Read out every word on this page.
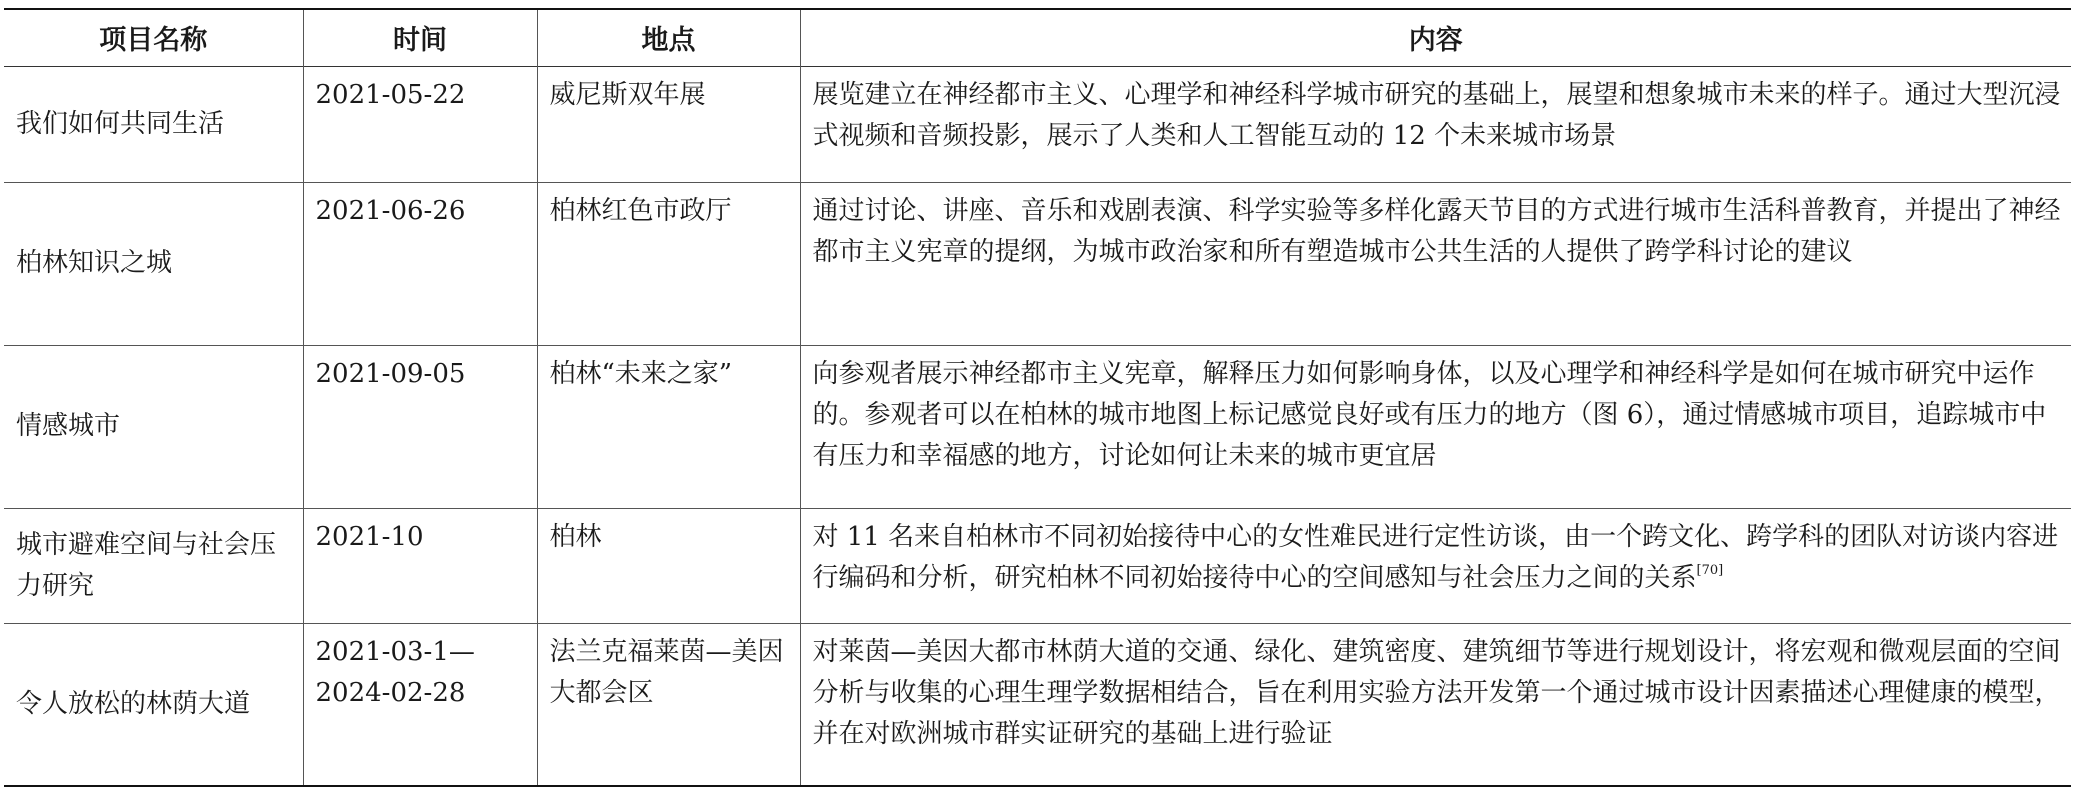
项目名称	时间	地点	内容
我们如何共同生活	2021-05-22	威尼斯双年展	展览建立在神经都市主义、心理学和神经科学城市研究的基础上，展望和想象城市未来的样子。通过大型沉浸式视频和音频投影，展示了人类和人工智能互动的 12 个未来城市场景
柏林知识之城	2021-06-26	柏林红色市政厅	通过讨论、讲座、音乐和戏剧表演、科学实验等多样化露天节目的方式进行城市生活科普教育，并提出了神经都市主义宪章的提纲，为城市政治家和所有塑造城市公共生活的人提供了跨学科讨论的建议
情感城市	2021-09-05	柏林“未来之家”	向参观者展示神经都市主义宪章，解释压力如何影响身体，以及心理学和神经科学是如何在城市研究中运作的。参观者可以在柏林的城市地图上标记感觉良好或有压力的地方（图 6），通过情感城市项目，追踪城市中有压力和幸福感的地方，讨论如何让未来的城市更宜居
城市避难空间与社会压力研究	2021-10	柏林	对 11 名来自柏林市不同初始接待中心的女性难民进行定性访谈，由一个跨文化、跨学科的团队对访谈内容进行编码和分析，研究柏林不同初始接待中心的空间感知与社会压力之间的关系[70]
令人放松的林荫大道	2021-03-1—2024-02-28	法兰克福莱茵—美因大都会区	对莱茵—美因大都市林荫大道的交通、绿化、建筑密度、建筑细节等进行规划设计，将宏观和微观层面的空间分析与收集的心理生理学数据相结合，旨在利用实验方法开发第一个通过城市设计因素描述心理健康的模型，并在对欧洲城市群实证研究的基础上进行验证
